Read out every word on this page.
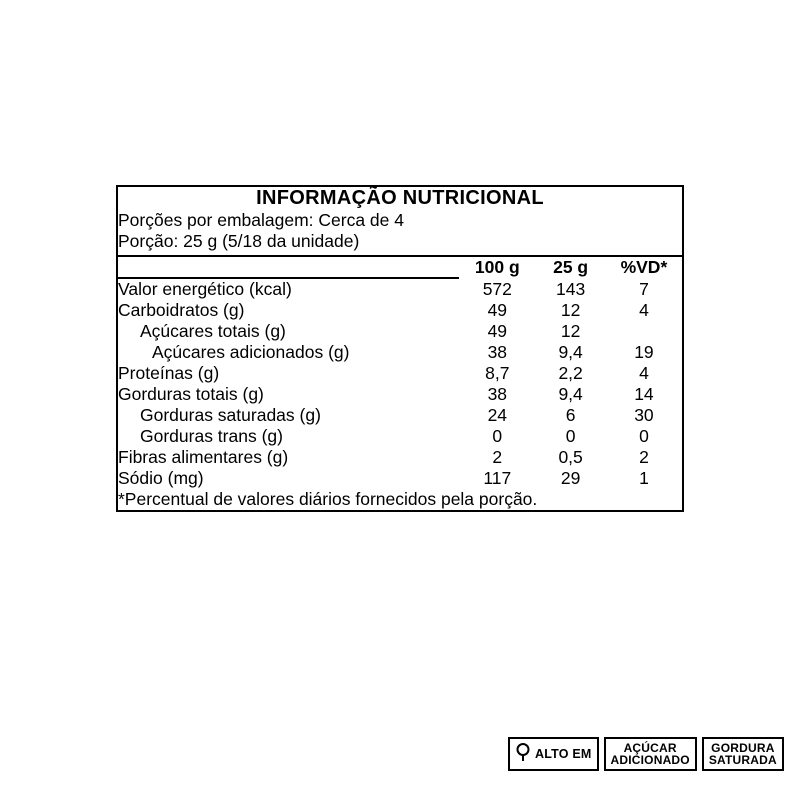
INFORMAÇÃO NUTRICIONAL			
Porções por embalagem: Cerca de 4			
Porção: 25 g (5/18 da unidade)			
	100 g	25 g	%VD*
Valor energético (kcal)	572	143	7
Carboidratos (g)	49	12	4
Açúcares totais (g)	49	12	
Açúcares adicionados (g)	38	9,4	19
Proteínas (g)	8,7	2,2	4
Gorduras totais (g)	38	9,4	14
Gorduras saturadas (g)	24	6	30
Gorduras trans (g)	0	0	0
Fibras alimentares (g)	2	0,5	2
Sódio (mg)	117	29	1
*Percentual de valores diários fornecidos pela porção.			
ALTO EM	AÇÚCAR
ADICIONADO
GORDURA
SATURADA
